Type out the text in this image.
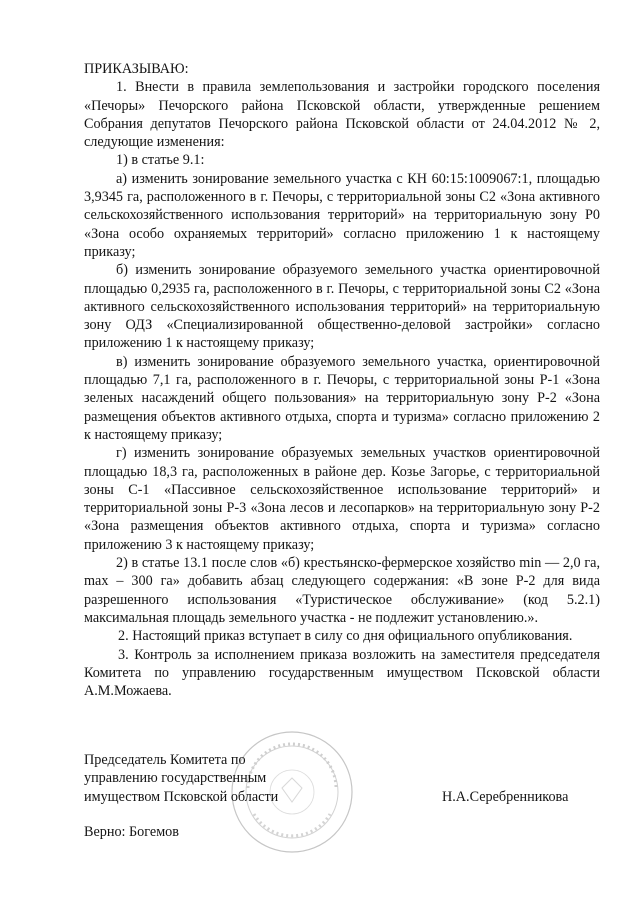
ПРИКАЗЫВАЮ:

1. Внести в правила землепользования и застройки городского поселения «Печоры» Печорского района Псковской области, утвержденные решением Собрания депутатов Печорского района Псковской области от 24.04.2012 № 2, следующие изменения:

1) в статье 9.1:

а) изменить зонирование земельного участка с КН 60:15:1009067:1, площадью 3,9345 га, расположенного в г. Печоры, с территориальной зоны С2 «Зона активного сельскохозяйственного использования территорий» на территориальную зону Р0 «Зона особо охраняемых территорий» согласно приложению 1 к настоящему приказу;

б) изменить зонирование образуемого земельного участка ориентировочной площадью 0,2935 га, расположенного в г. Печоры, с территориальной зоны С2 «Зона активного сельскохозяйственного использования территорий» на территориальную зону ОДЗ «Специализированной общественно-деловой застройки» согласно приложению 1 к настоящему приказу;

в) изменить зонирование образуемого земельного участка, ориентировочной площадью 7,1 га, расположенного в г. Печоры, с территориальной зоны Р-1 «Зона зеленых насаждений общего пользования» на территориальную зону Р-2 «Зона размещения объектов активного отдыха, спорта и туризма» согласно приложению 2 к настоящему приказу;

г) изменить зонирование образуемых земельных участков ориентировочной площадью 18,3 га, расположенных в районе дер. Козье Загорье, с территориальной зоны С-1 «Пассивное сельскохозяйственное использование территорий» и территориальной зоны Р-3 «Зона лесов и лесопарков» на территориальную зону Р-2 «Зона размещения объектов активного отдыха, спорта и туризма» согласно приложению 3 к настоящему приказу;

2) в статье 13.1 после слов «б) крестьянско-фермерское хозяйство min — 2,0 га, max – 300 га» добавить абзац следующего содержания: «В зоне Р-2 для вида разрешенного использования «Туристическое обслуживание» (код 5.2.1) максимальная площадь земельного участка - не подлежит установлению.».

2. Настоящий приказ вступает в силу со дня официального опубликования.

3. Контроль за исполнением приказа возложить на заместителя председателя Комитета по управлению государственным имуществом Псковской области А.М.Можаева.

Председатель Комитета по
управлению государственным
имуществом Псковской области	Н.А.Серебренникова
Верно: Богемов
